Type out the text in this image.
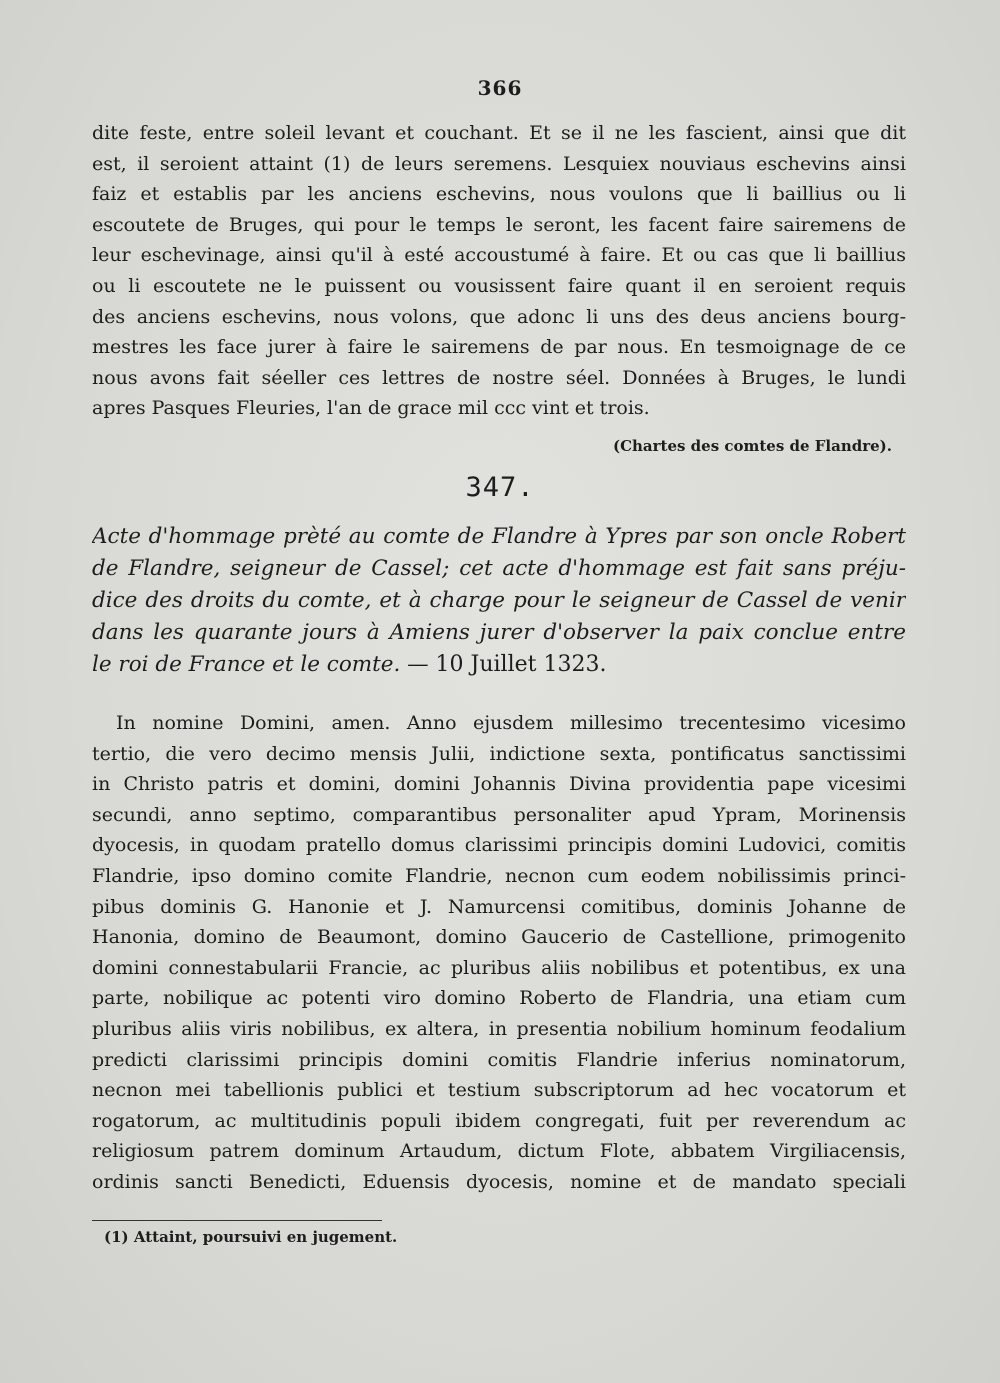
366
dite feste, entre soleil levant et couchant. Et se il ne les fascient, ainsi que dit
est, il seroient attaint (1) de leurs seremens. Lesquiex nouviaus eschevins ainsi
faiz et establis par les anciens eschevins, nous voulons que li baillius ou li
escoutete de Bruges, qui pour le temps le seront, les facent faire sairemens de
leur eschevinage, ainsi qu'il à esté accoustumé à faire. Et ou cas que li baillius
ou li escoutete ne le puissent ou vousissent faire quant il en seroient requis
des anciens eschevins, nous volons, que adonc li uns des deus anciens bourg-
mestres les face jurer à faire le sairemens de par nous. En tesmoignage de ce
nous avons fait séeller ces lettres de nostre séel. Données à Bruges, le lundi
apres Pasques Fleuries, l'an de grace mil ccc vint et trois.
(Chartes des comtes de Flandre).
347.
Acte d'hommage prèté au comte de Flandre à Ypres par son oncle Robert
de Flandre, seigneur de Cassel; cet acte d'hommage est fait sans préju-
dice des droits du comte, et à charge pour le seigneur de Cassel de venir
dans les quarante jours à Amiens jurer d'observer la paix conclue entre
le roi de France et le comte. — 10 Juillet 1323.
In nomine Domini, amen. Anno ejusdem millesimo trecentesimo vicesimo
tertio, die vero decimo mensis Julii, indictione sexta, pontificatus sanctissimi
in Christo patris et domini, domini Johannis Divina providentia pape vicesimi
secundi, anno septimo, comparantibus personaliter apud Ypram, Morinensis
dyocesis, in quodam pratello domus clarissimi principis domini Ludovici, comitis
Flandrie, ipso domino comite Flandrie, necnon cum eodem nobilissimis princi-
pibus dominis G. Hanonie et J. Namurcensi comitibus, dominis Johanne de
Hanonia, domino de Beaumont, domino Gaucerio de Castellione, primogenito
domini connestabularii Francie, ac pluribus aliis nobilibus et potentibus, ex una
parte, nobilique ac potenti viro domino Roberto de Flandria, una etiam cum
pluribus aliis viris nobilibus, ex altera, in presentia nobilium hominum feodalium
predicti clarissimi principis domini comitis Flandrie inferius nominatorum,
necnon mei tabellionis publici et testium subscriptorum ad hec vocatorum et
rogatorum, ac multitudinis populi ibidem congregati, fuit per reverendum ac
religiosum patrem dominum Artaudum, dictum Flote, abbatem Virgiliacensis,
ordinis sancti Benedicti, Eduensis dyocesis, nomine et de mandato speciali
(1) Attaint, poursuivi en jugement.
